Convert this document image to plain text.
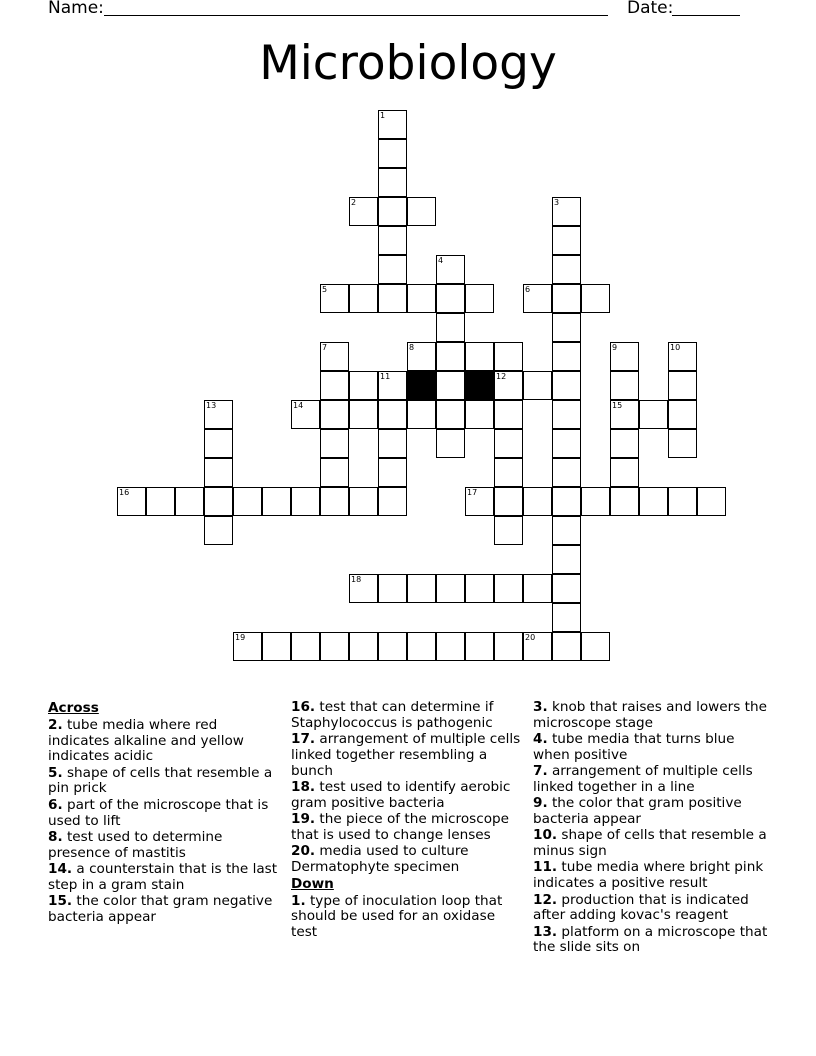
Name:	Date:
Microbiology
1
2	3
4
5	6
7	8	9	10
11	12
13	14	15
16	17
18
19	20
Across
2. tube media where red indicates alkaline and yellow indicates acidic
5. shape of cells that resemble a pin prick
6. part of the microscope that is used to lift
8. test used to determine presence of mastitis
14. a counterstain that is the last step in a gram stain
15. the color that gram negative bacteria appear
16. test that can determine if Staphylococcus is pathogenic
17. arrangement of multiple cells linked together resembling a bunch
18. test used to identify aerobic gram positive bacteria
19. the piece of the microscope that is used to change lenses
20. media used to culture Dermatophyte specimen
Down
1. type of inoculation loop that should be used for an oxidase test
3. knob that raises and lowers the microscope stage
4. tube media that turns blue when positive
7. arrangement of multiple cells linked together in a line
9. the color that gram positive bacteria appear
10. shape of cells that resemble a minus sign
11. tube media where bright pink indicates a positive result
12. production that is indicated after adding kovac's reagent
13. platform on a microscope that the slide sits on
